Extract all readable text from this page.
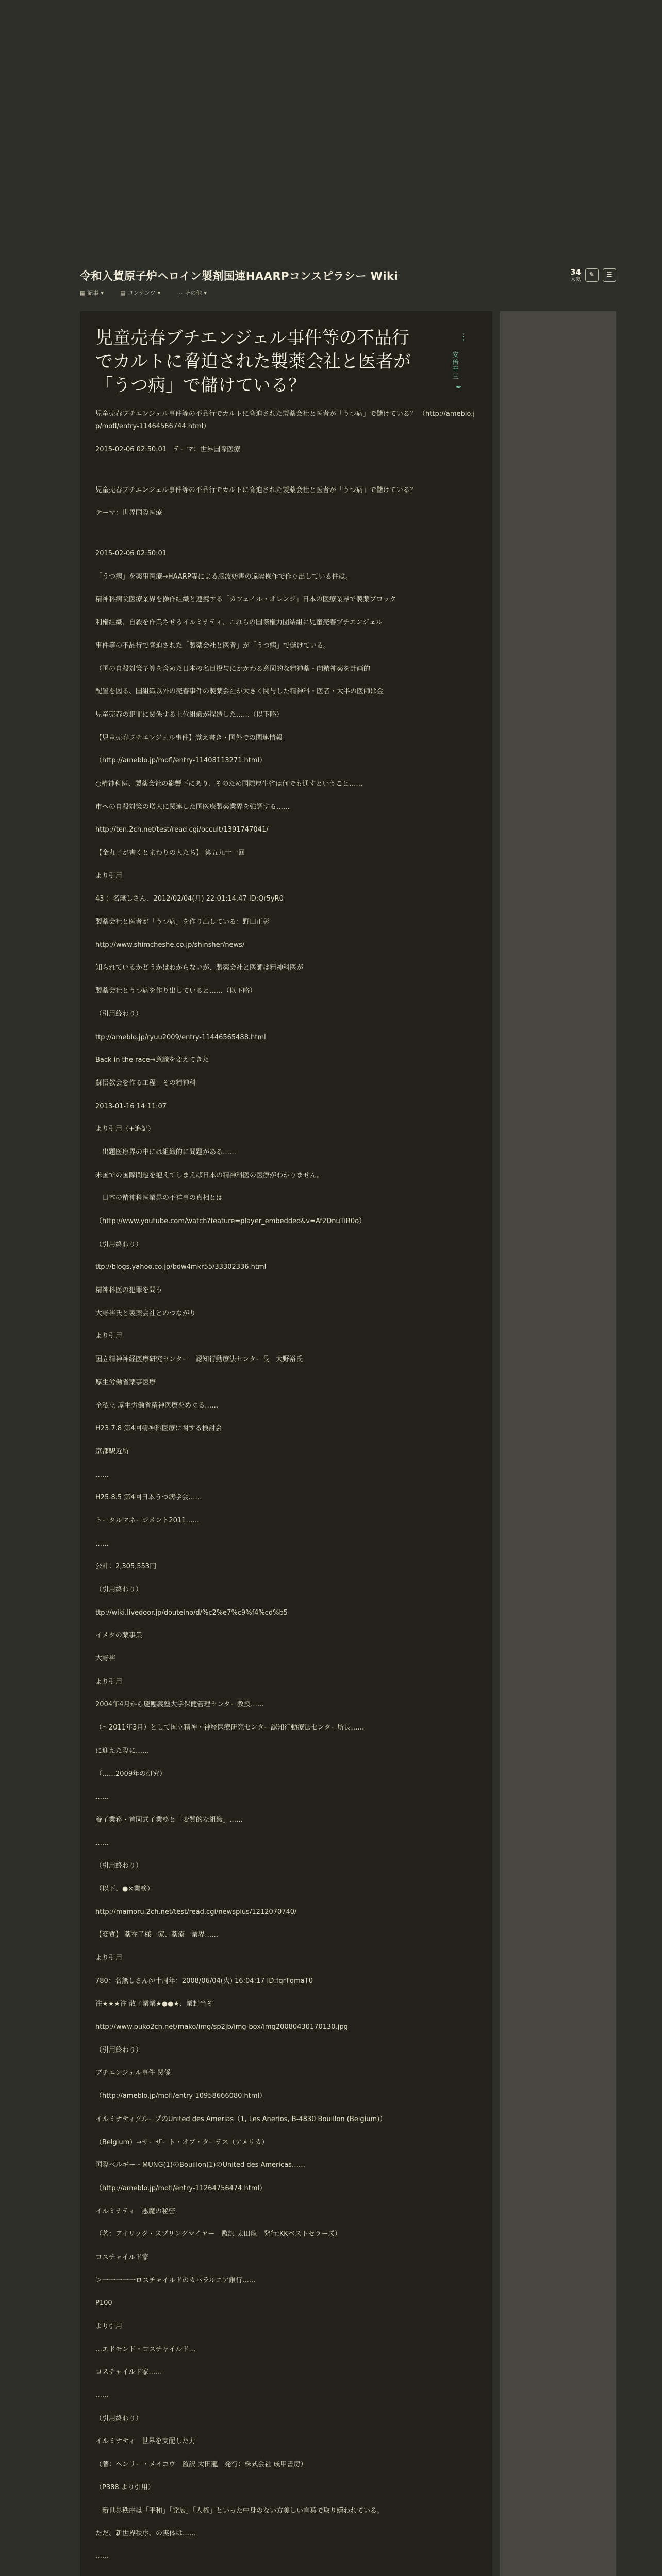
令和入賀原子炉ヘロイン製剤国連HAARPコンスピラシー Wiki
▦ 記事 ▾	▤ コンテンツ ▾	⋯ その他 ▾
34
人気
✎ ☰
児童売春ブチエンジェル事件等の不品行でカルトに脅迫された製薬会社と医者が「うつ病」で儲けている？
⋮
安倍晋三
✒

児童売春ブチエンジェル事件等の不品行でカルトに脅迫された製薬会社と医者が「うつ病」で儲けている？ （http://ameblo.jp/mofl/entry-11464566744.html）

2015-02-06 02:50:01　テーマ：世界国際医療

児童売春ブチエンジェル事件等の不品行でカルトに脅迫された製薬会社と医者が「うつ病」で儲けている？

テーマ：世界国際医療

2015-02-06 02:50:01

「うつ病」を薬事医療→HAARP等による脳波妨害の遠隔操作で作り出している件は。

精神科病院医療業界を操作組織と連携する「カフェイル・オレンジ」日本の医療業界で製薬ブロック

利権組織、自殺を作業させるイルミナティ、これらの国際権力団結組に児童売春ブチエンジェル

事件等の不品行で脅迫された「製薬会社と医者」が「うつ病」で儲けている。

（国の自殺対策予算を含めた日本の名目投与にかかわる意図的な精神薬・向精神薬を計画的

配置を図る、国組織以外の売春事件の製薬会社が大きく関与した精神科・医者・大半の医師は金

児童売春の犯罪に関係する上位組織が捏造した……（以下略）

【児童売春ブチエンジェル事件】覚え書き・国外での関連情報

（http://ameblo.jp/mofl/entry-11408113271.html）

○精神科医、製薬会社の影響下にあり、そのため国際厚生省は何でも通すということ……

市への自殺対策の増大に関連した国医療製薬業界を強調する……

http://ten.2ch.net/test/read.cgi/occult/1391747041/

【金丸子が書くとまわりの人たち】 第五九十一回

より引用

43 ：名無しさん、2012/02/04(月) 22:01:14.47 ID:Qr5yR0

製薬会社と医者が「うつ病」を作り出している：野田正彰

http://www.shimcheshe.co.jp/shinsher/news/

知られているかどうかはわからないが、製薬会社と医師は精神科医が

製薬会社とうつ病を作り出していると……（以下略）

（引用終わり）

ttp://ameblo.jp/ryuu2009/entry-11446565488.html

Back in the race→意識を変えてきた

蘇悟教会を作る工程」その精神科

2013-01-16 14:11:07

より引用（+追記）

　出題医療界の中には組織的に問題がある……

米国での国際問題を抱えてしまえば日本の精神科医の医療がわかりません。

　日本の精神科医業界の不祥事の真相とは

（http://www.youtube.com/watch?feature=player_embedded&v=Af2DnuTiR0o）

（引用終わり）

ttp://blogs.yahoo.co.jp/bdw4mkr55/33302336.html

精神科医の犯罪を問う

大野裕氏と製薬会社とのつながり

より引用

国立精神神経医療研究センター　認知行動療法センター長　大野裕氏

厚生労働省薬事医療

全私立 厚生労働省精神医療をめぐる……

H23.7.8 第4回精神科医療に関する検討会

京都駅近所

……

H25.8.5 第4回日本うつ病学会……

トータルマネージメント2011……

……

公計：2,305,553円

（引用終わり）

ttp://wiki.livedoor.jp/douteino/d/%c2%e7%c9%f4%cd%b5

イメタの薬事業

大野裕

より引用

2004年4月から慶應義塾大学保健管理センター教授……

（〜2011年3月）として国立精神・神経医療研究センター認知行動療法センター所長……

に迎えた際に……

（……2009年の研究）

……

養子業務・首図式子業務と「変質的な組織」……

……

（引用終わり）

（以下、●×業務）

http://mamoru.2ch.net/test/read.cgi/newsplus/1212070740/

【変質】 薬在子様一家、薬療一業界……

より引用

780：名無しさん＠十周年：2008/06/04(火) 16:04:17 ID:fqrTqmaT0

注★★★注 散子業業★●●★、業封当ぞ

http://www.puko2ch.net/mako/img/sp2jb/img-box/img20080430170130.jpg

（引用終わり）

ブチエンジェル事件 関係

（http://ameblo.jp/mofl/entry-10958666080.html）

イルミナティグループのUnited des Amerias（1, Les Anerios, B-4830 Bouillon (Belgium)）

（Belgium）→サーザート・オブ・ターテス（アメリカ）

国際ベルギー・MUNG(1)のBouillon(1)のUnited des Americas……

（http://ameblo.jp/mofl/entry-11264756474.html）

イルミナティ　悪魔の秘密

（著：アイリック・スプリングマイヤー　監訳 太田龍　発行:KKベストセラーズ）

ロスチャイルド家

＞一一一一一ロスチャイルドのカバラルニア銀行……

P100

より引用

…エドモンド・ロスチャイルド…

ロスチャイルド家……

……

（引用終わり）

イルミナティ　世界を支配した力

（著：ヘンリー・メイコウ　監訳 太田龍　発行：株式会社 成甲書房）

（P388 より引用）

　新世界秩序は「平和」「発展」「人権」といった中身のない方美しい言葉で取り繕われている。

ただ、新世界秩序、の実体は……

……
